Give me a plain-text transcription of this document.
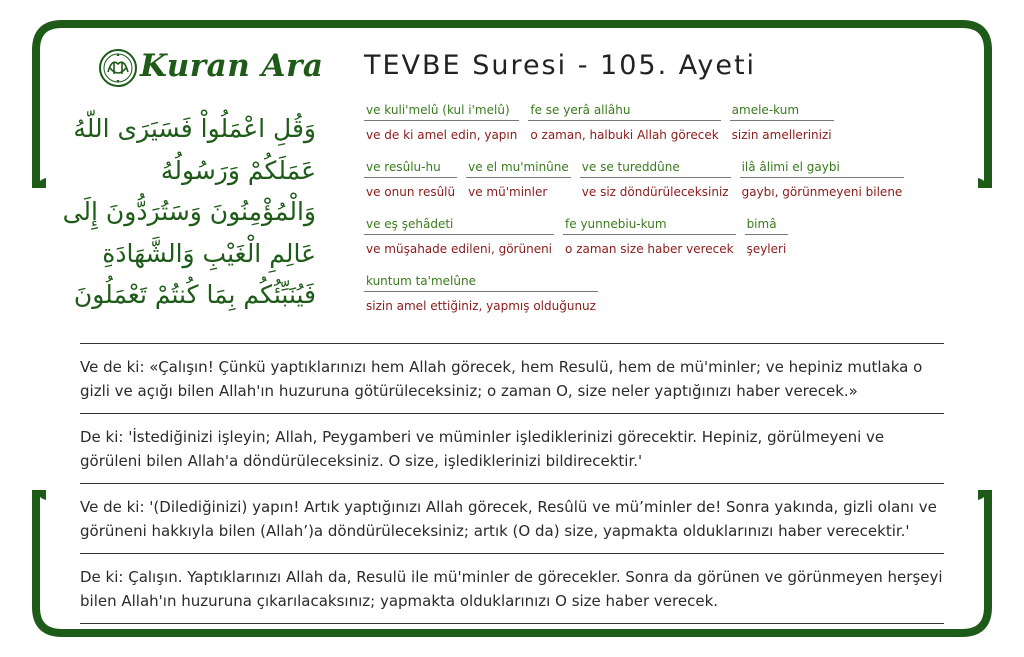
Kuran Ara
وَقُلِ اعْمَلُواْ فَسَيَرَى اللّهُ
عَمَلَكُمْ وَرَسُولُهُ
وَالْمُؤْمِنُونَ وَسَتُرَدُّونَ إِلَى
عَالِمِ الْغَيْبِ وَالشَّهَادَةِ
فَيُنَبِّئُكُم بِمَا كُنتُمْ تَعْمَلُونَ
TEVBE Suresi - 105. Ayeti
ve kuli'melû (kul i'melû)
ve de ki amel edin, yapın
fe se yerâ allâhu
o zaman, halbuki Allah görecek
amele-kum
sizin amellerinizi
ve resûlu-hu
ve onun resûlü
ve el mu'minûne
ve mü'minler
ve se tureddûne
ve siz döndürüleceksiniz
ilâ âlimi el gaybi
gaybı, görünmeyeni bilene
ve eş şehâdeti
ve müşahade edileni, görüneni
fe yunnebiu-kum
o zaman size haber verecek
bimâ
şeyleri
kuntum ta'melûne
sizin amel ettiğiniz, yapmış olduğunuz
Ve de ki: «Çalışın! Çünkü yaptıklarınızı hem Allah görecek, hem Resulü, hem de mü'minler; ve hepiniz mutlaka o gizli ve açığı bilen Allah'ın huzuruna götürüleceksiniz; o zaman O, size neler yaptığınızı haber verecek.»
De ki: 'İstediğinizi işleyin; Allah, Peygamberi ve müminler işlediklerinizi görecektir. Hepiniz, görülmeyeni ve görüleni bilen Allah'a döndürüleceksiniz. O size, işlediklerinizi bildirecektir.'
Ve de ki: '(Dilediğinizi) yapın! Artık yaptığınızı Allah görecek, Resûlü ve mü’minler de! Sonra yakında, gizli olanı ve görüneni hakkıyla bilen (Allah’)a döndürüleceksiniz; artık (O da) size, yapmakta olduklarınızı haber verecektir.'
De ki: Çalışın. Yaptıklarınızı Allah da, Resulü ile mü'minler de görecekler. Sonra da görünen ve görünmeyen herşeyi bilen Allah'ın huzuruna çıkarılacaksınız; yapmakta olduklarınızı O size haber verecek.
